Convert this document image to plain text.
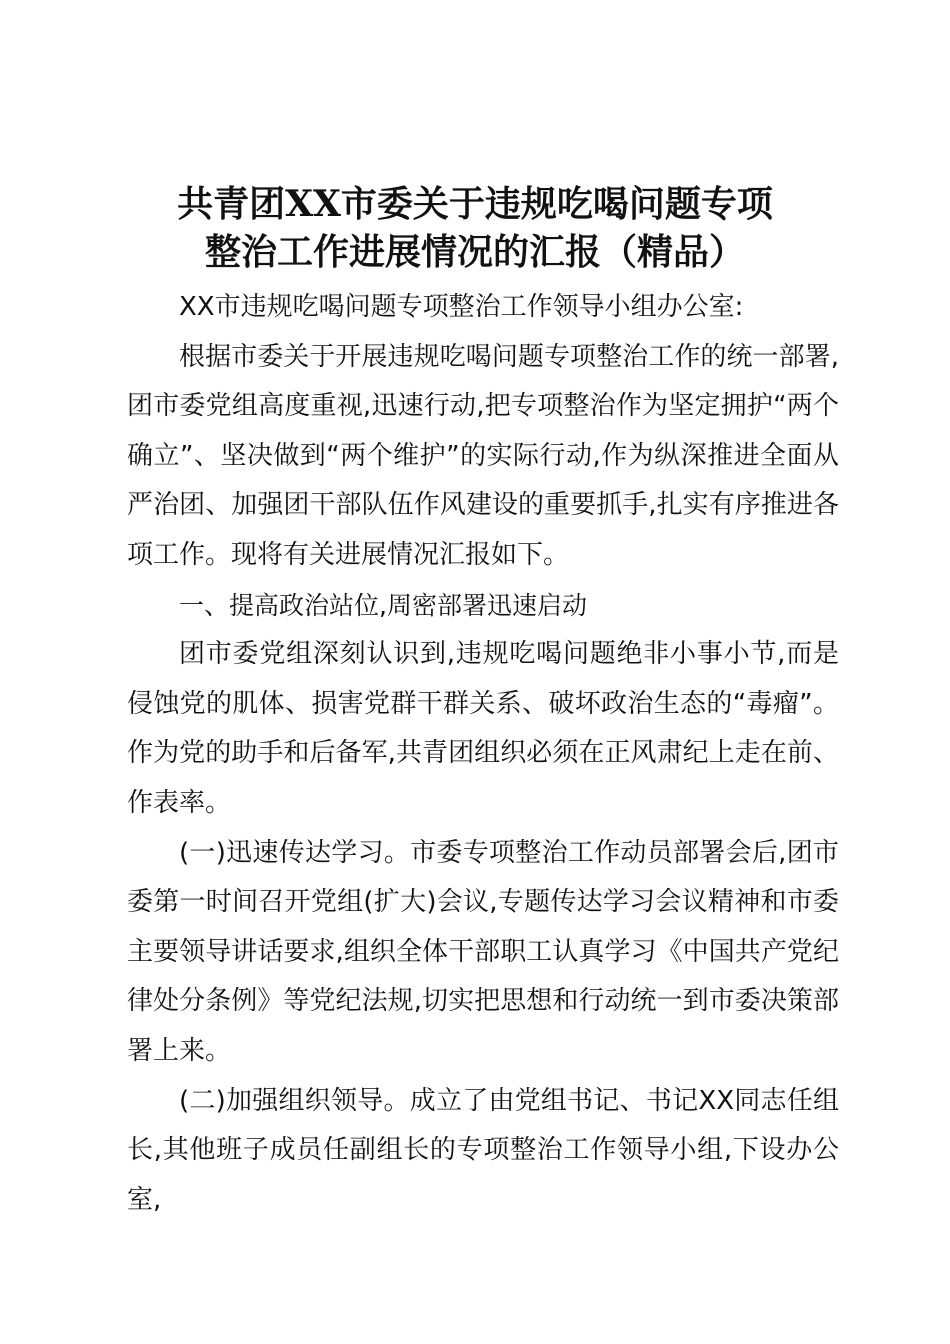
共青团XX市委关于违规吃喝问题专项
整治工作进展情况的汇报（精品）

XX市违规吃喝问题专项整治工作领导小组办公室:

根据市委关于开展违规吃喝问题专项整治工作的统一部署,团市委党组高度重视,迅速行动,把专项整治作为坚定拥护“两个确立”、坚决做到“两个维护”的实际行动,作为纵深推进全面从严治团、加强团干部队伍作风建设的重要抓手,扎实有序推进各项工作。现将有关进展情况汇报如下。

一、提高政治站位,周密部署迅速启动

团市委党组深刻认识到,违规吃喝问题绝非小事小节,而是侵蚀党的肌体、损害党群干群关系、破坏政治生态的“毒瘤”。作为党的助手和后备军,共青团组织必须在正风肃纪上走在前、作表率。

(一)迅速传达学习。市委专项整治工作动员部署会后,团市委第一时间召开党组(扩大)会议,专题传达学习会议精神和市委主要领导讲话要求,组织全体干部职工认真学习《中国共产党纪律处分条例》等党纪法规,切实把思想和行动统一到市委决策部署上来。

(二)加强组织领导。成立了由党组书记、书记XX同志任组长,其他班子成员任副组长的专项整治工作领导小组,下设办公室,
